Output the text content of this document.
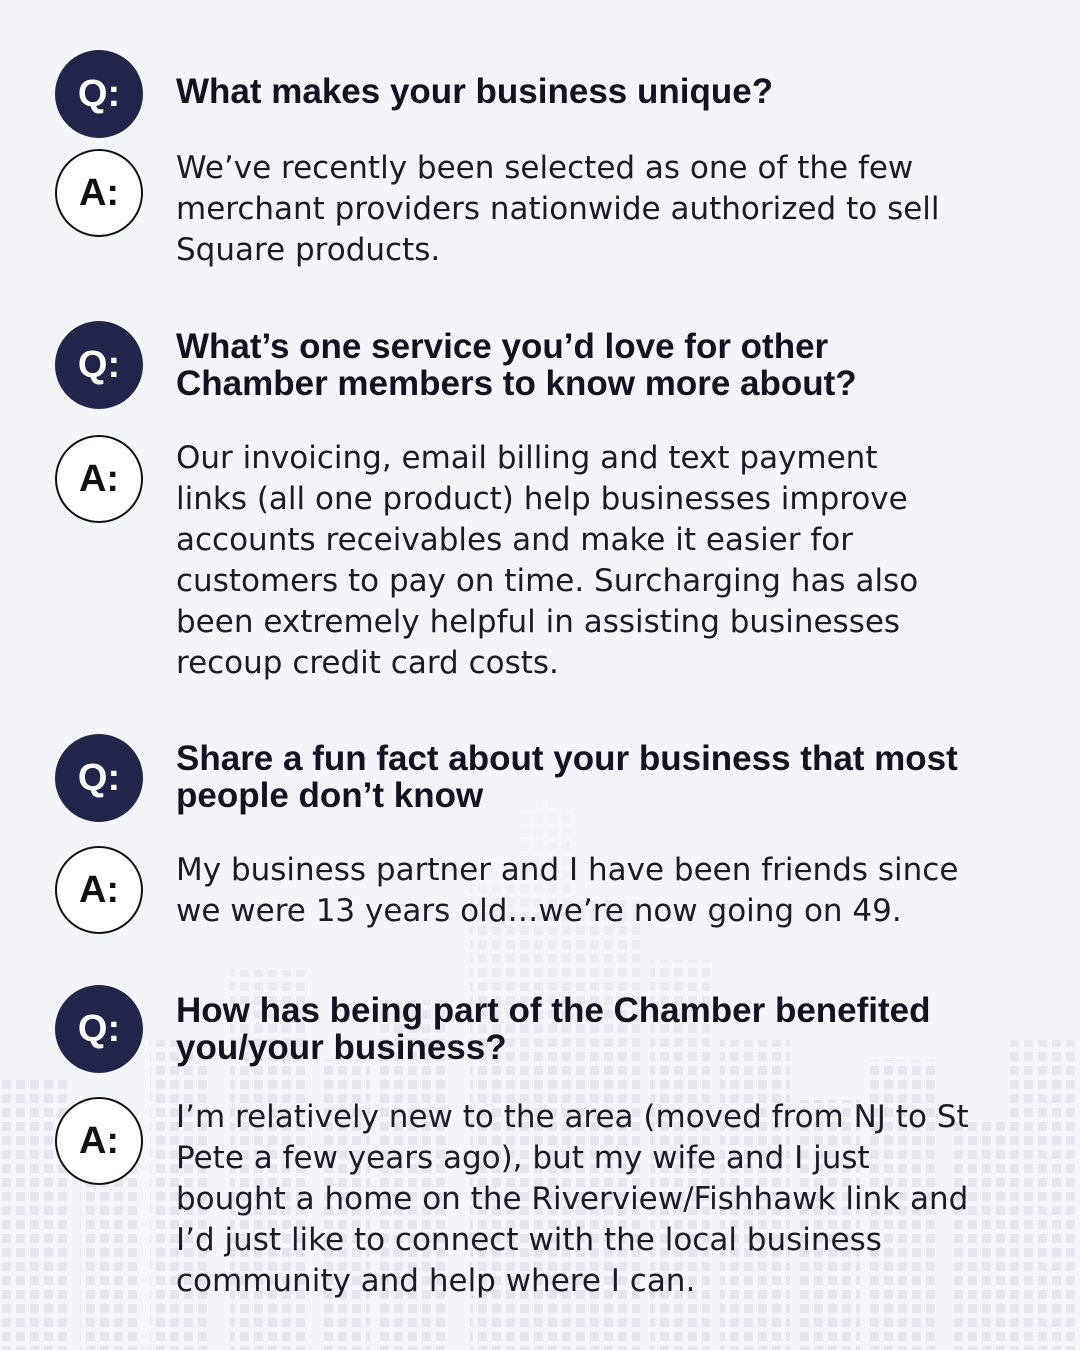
Q: What makes your business unique?

A:

We’ve recently been selected as one of the few merchant providers nationwide authorized to sell Square products.

Q: What’s one service you’d love for other Chamber members to know more about?

A: Our invoicing, email billing and text payment links (all one product) help businesses improve accounts receivables and make it easier for customers to pay on time. Surcharging has also been extremely helpful in assisting businesses recoup credit card costs.

Q: Share a fun fact about your business that most people don’t know

A: My business partner and I have been friends since we were 13 years old…we’re now going on 49.

Q: How has being part of the Chamber benefited you/your business?

A:

I’m relatively new to the area (moved from NJ to St Pete a few years ago), but my wife and I just bought a home on the Riverview/Fishhawk link and I’d just like to connect with the local business community and help where I can.
